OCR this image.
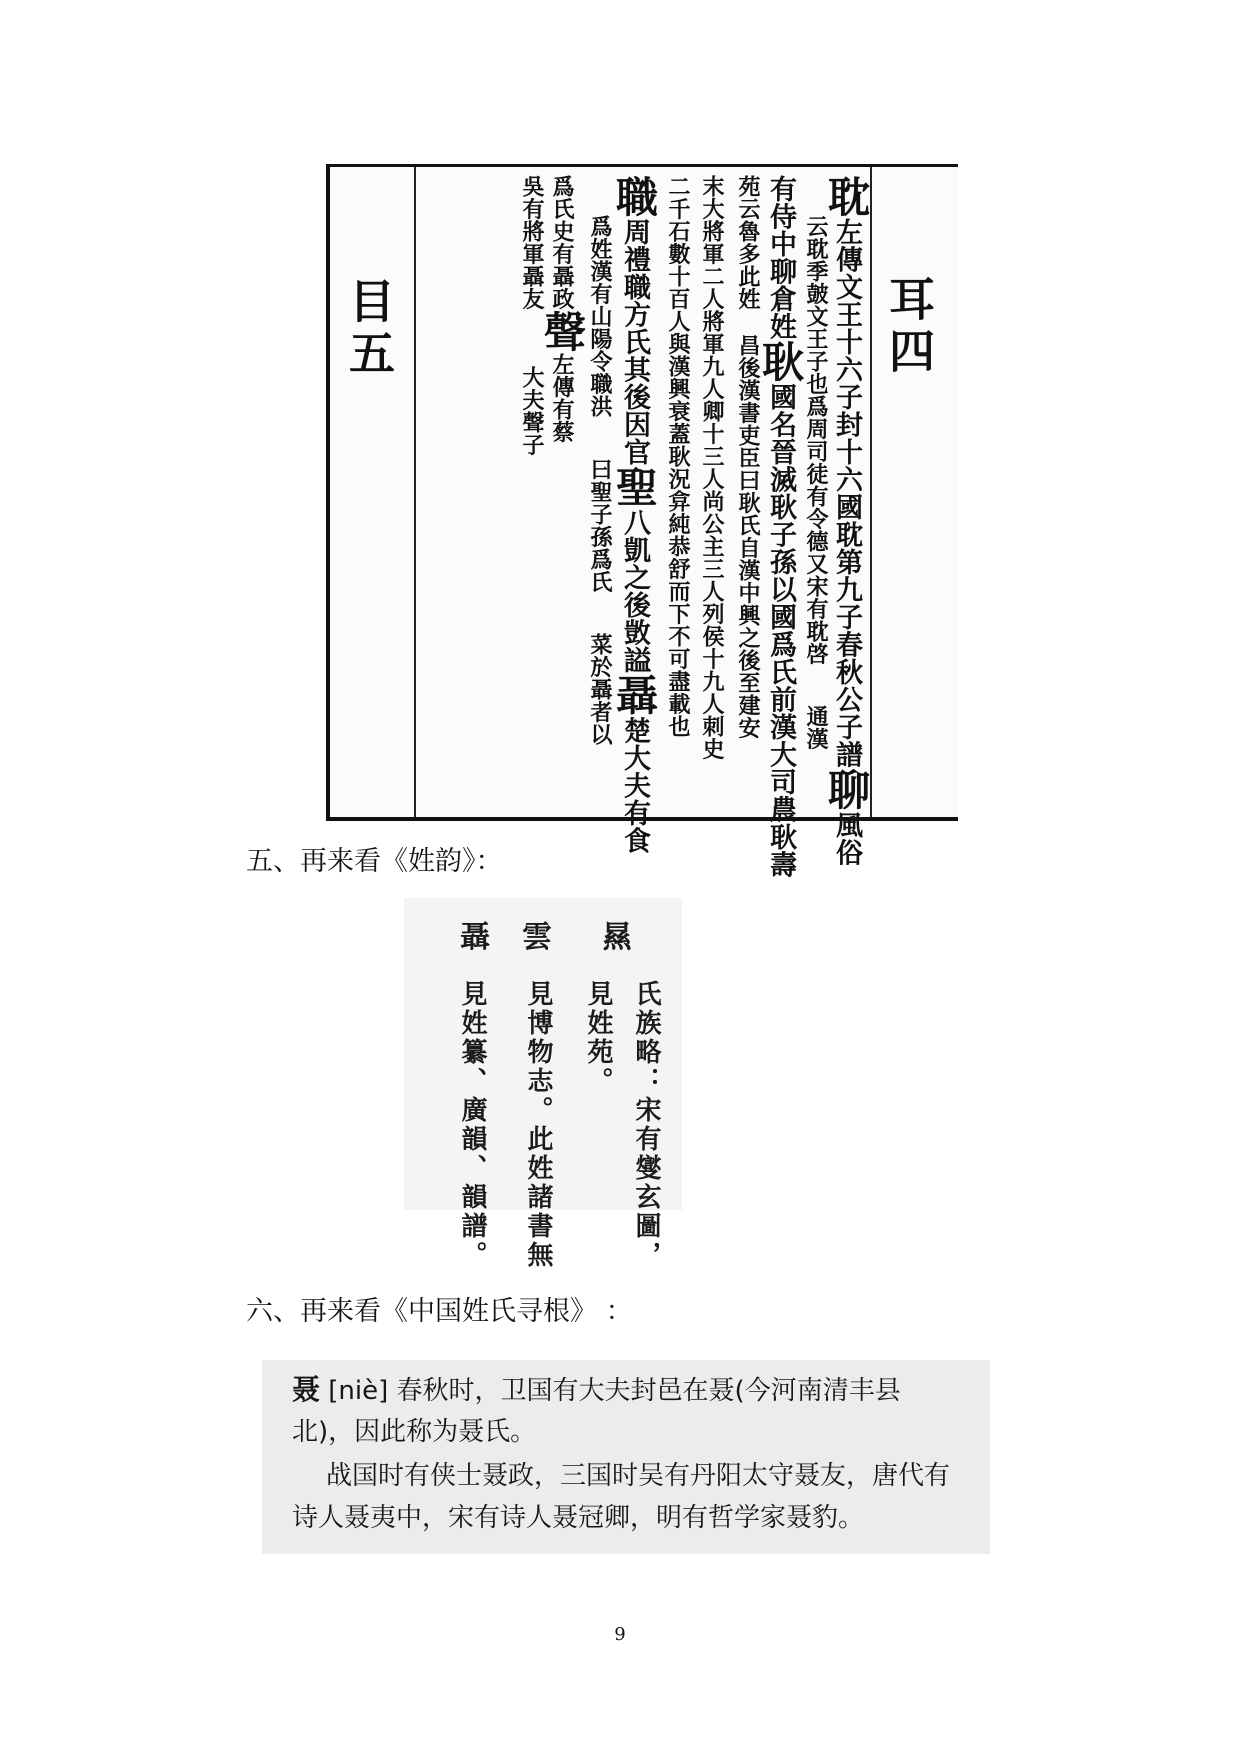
目五	耳四
耽左傳文王十六子封十六國耽第九子春秋公子譜聊風俗
云耽季皷文王子也爲周司徒有令德又宋有耽啓通漢
有侍中聊倉姓耿國名晉滅耿子孫以國爲氏前漢大司農耿壽
苑云魯多此姓昌後漢書吏臣曰耿氏自漢中興之後至建安
末大將軍二人將軍九人卿十三人尚公主三人列侯十九人刺史
二千石數十百人與漢興衰蓋耿況弇純恭舒而下不可盡載也
職周禮職方氏其後因官聖八凱之後敳謚聶楚大夫有食
爲姓漢有山陽令職洪曰聖子孫爲氏菜於聶者以
爲氏史有聶政聲左傳有蔡
吳有將軍聶友大夫聲子
五、再来看《姓韵》：
㬎
雲
聶
氏族略：宋有燮玄圖，
見姓苑。
見博物志。此姓諸書無
見姓纂、廣韻、韻譜。
六、再来看《中国姓氏寻根》 ：
聂 [niè] 春秋时，卫国有大夫封邑在聂(今河南清丰县
北)，因此称为聂氏。
战国时有侠士聂政，三国时吴有丹阳太守聂友，唐代有
诗人聂夷中，宋有诗人聂冠卿，明有哲学家聂豹。
9
